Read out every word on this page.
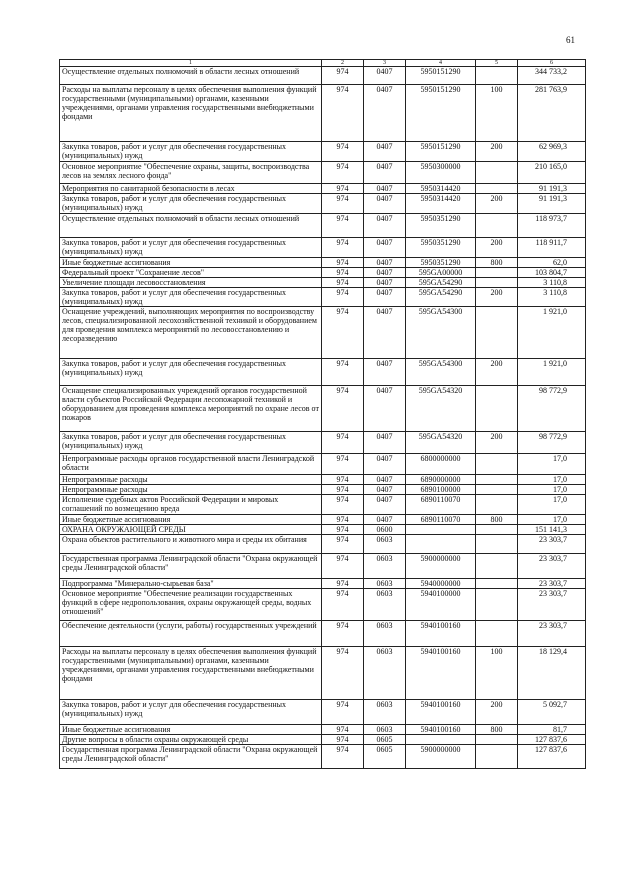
61
1	2	3	4	5	6
Осуществление отдельных полномочий в области лесных отношений	974	0407	5950151290		344 733,2
Расходы на выплаты персоналу в целях обеспечения выполнения функций государственными (муниципальными) органами, казенными учреждениями, органами управления государственными внебюджетными фондами	974	0407	5950151290	100	281 763,9
Закупка товаров, работ и услуг для обеспечения государственных (муниципальных) нужд	974	0407	5950151290	200	62 969,3
Основное мероприятие "Обеспечение охраны, защиты, воспроизводства лесов на землях лесного фонда"	974	0407	5950300000		210 165,0
Мероприятия по санитарной безопасности в лесах	974	0407	5950314420		91 191,3
Закупка товаров, работ и услуг для обеспечения государственных (муниципальных) нужд	974	0407	5950314420	200	91 191,3
Осуществление отдельных полномочий в области лесных отношений	974	0407	5950351290		118 973,7
Закупка товаров, работ и услуг для обеспечения государственных (муниципальных) нужд	974	0407	5950351290	200	118 911,7
Иные бюджетные ассигнования	974	0407	5950351290	800	62,0
Федеральный проект "Сохранение лесов"	974	0407	595GA00000		103 804,7
Увеличение площади лесовосстановления	974	0407	595GA54290		3 110,8
Закупка товаров, работ и услуг для обеспечения государственных (муниципальных) нужд	974	0407	595GA54290	200	3 110,8
Оснащение учреждений, выполняющих мероприятия по воспроизводству лесов, специализированной лесохозяйственной техникой и оборудованием для проведения комплекса мероприятий по лесовосстановлению и лесоразведению	974	0407	595GA54300		1 921,0
Закупка товаров, работ и услуг для обеспечения государственных (муниципальных) нужд	974	0407	595GA54300	200	1 921,0
Оснащение специализированных учреждений органов государственной власти субъектов Российской Федерации лесопожарной техникой и оборудованием для проведения комплекса мероприятий по охране лесов от пожаров	974	0407	595GA54320		98 772,9
Закупка товаров, работ и услуг для обеспечения государственных (муниципальных) нужд	974	0407	595GA54320	200	98 772,9
Непрограммные расходы органов государственной власти Ленинградской области	974	0407	6800000000		17,0
Непрограммные расходы	974	0407	6890000000		17,0
Непрограммные расходы	974	0407	6890100000		17,0
Исполнение судебных актов Российской Федерации и мировых соглашений по возмещению вреда	974	0407	6890110070		17,0
Иные бюджетные ассигнования	974	0407	6890110070	800	17,0
ОХРАНА ОКРУЖАЮЩЕЙ СРЕДЫ	974	0600			151 141,3
Охрана объектов растительного и животного мира и среды их обитания	974	0603			23 303,7
Государственная программа Ленинградской области "Охрана окружающей среды Ленинградской области"	974	0603	5900000000		23 303,7
Подпрограмма "Минерально-сырьевая база"	974	0603	5940000000		23 303,7
Основное мероприятие "Обеспечение реализации государственных функций в сфере недропользования, охраны окружающей среды, водных отношений"	974	0603	5940100000		23 303,7
Обеспечение деятельности (услуги, работы) государственных учреждений	974	0603	5940100160		23 303,7
Расходы на выплаты персоналу в целях обеспечения выполнения функций государственными (муниципальными) органами, казенными учреждениями, органами управления государственными внебюджетными фондами	974	0603	5940100160	100	18 129,4
Закупка товаров, работ и услуг для обеспечения государственных (муниципальных) нужд	974	0603	5940100160	200	5 092,7
Иные бюджетные ассигнования	974	0603	5940100160	800	81,7
Другие вопросы в области охраны окружающей среды	974	0605			127 837,6
Государственная программа Ленинградской области "Охрана окружающей среды Ленинградской области"	974	0605	5900000000		127 837,6
